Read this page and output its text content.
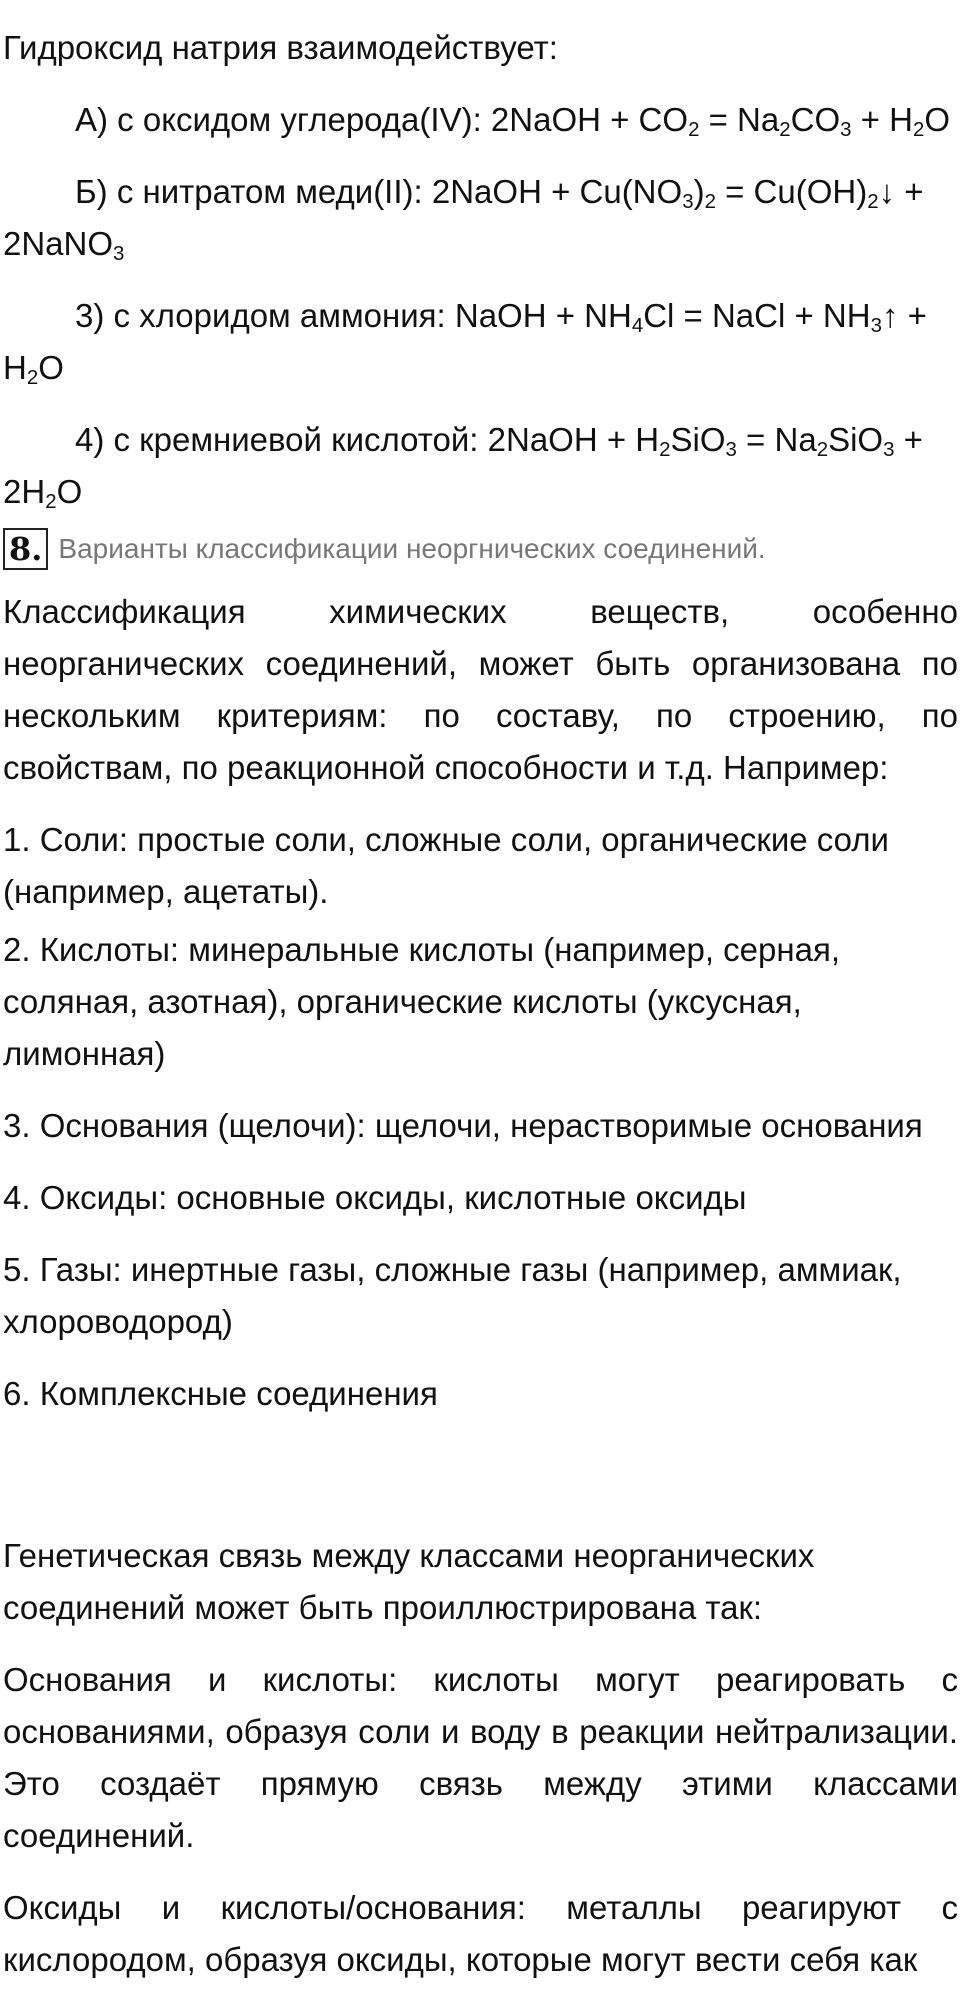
Гидроксид натрия взаимодействует:

А) с оксидом углерода(IV): 2NaOH + $CO_2 = Na_2CO_3 + H_2O$

Б) с нитратом меди(II): 2NaOH + $Cu(NO_3)_2$ = $Cu(OH)_2↓$ + 2NaNO$_3$

3) с хлоридом аммония: NaOH + $NH_4Cl$ = NaCl + $NH_3↑ + H_2O$

4) с кремниевой кислотой: 2NaOH + $H_2SiO_3 = Na_2SiO_3 + 2H_2O$

8. Варианты классификации неоргнических соединений.

Классификация химических веществ, особенно неорганических соединений, может быть организована по нескольким критериям: по составу, по строению, по свойствам, по реакционной способности и т.д. Например:

1. Соли: простые соли, сложные соли, органические соли (например, ацетаты).

2. Кислоты: минеральные кислоты (например, серная, соляная, азотная), органические кислоты (уксусная, лимонная)

3. Основания (щелочи): щелочи, нерастворимые основания

4. Оксиды: основные оксиды, кислотные оксиды

5. Газы: инертные газы, сложные газы (например, аммиак, хлороводород)

6. Комплексные соединения

Генетическая связь между классами неорганических соединений может быть проиллюстрирована так:

Основания и кислоты: кислоты могут реагировать с основаниями, образуя соли и воду в реакции нейтрализации. Это создаёт прямую связь между этими классами соединений.

Оксиды и кислоты/основания: металлы реагируют с кислородом, образуя оксиды, которые могут вести себя как
